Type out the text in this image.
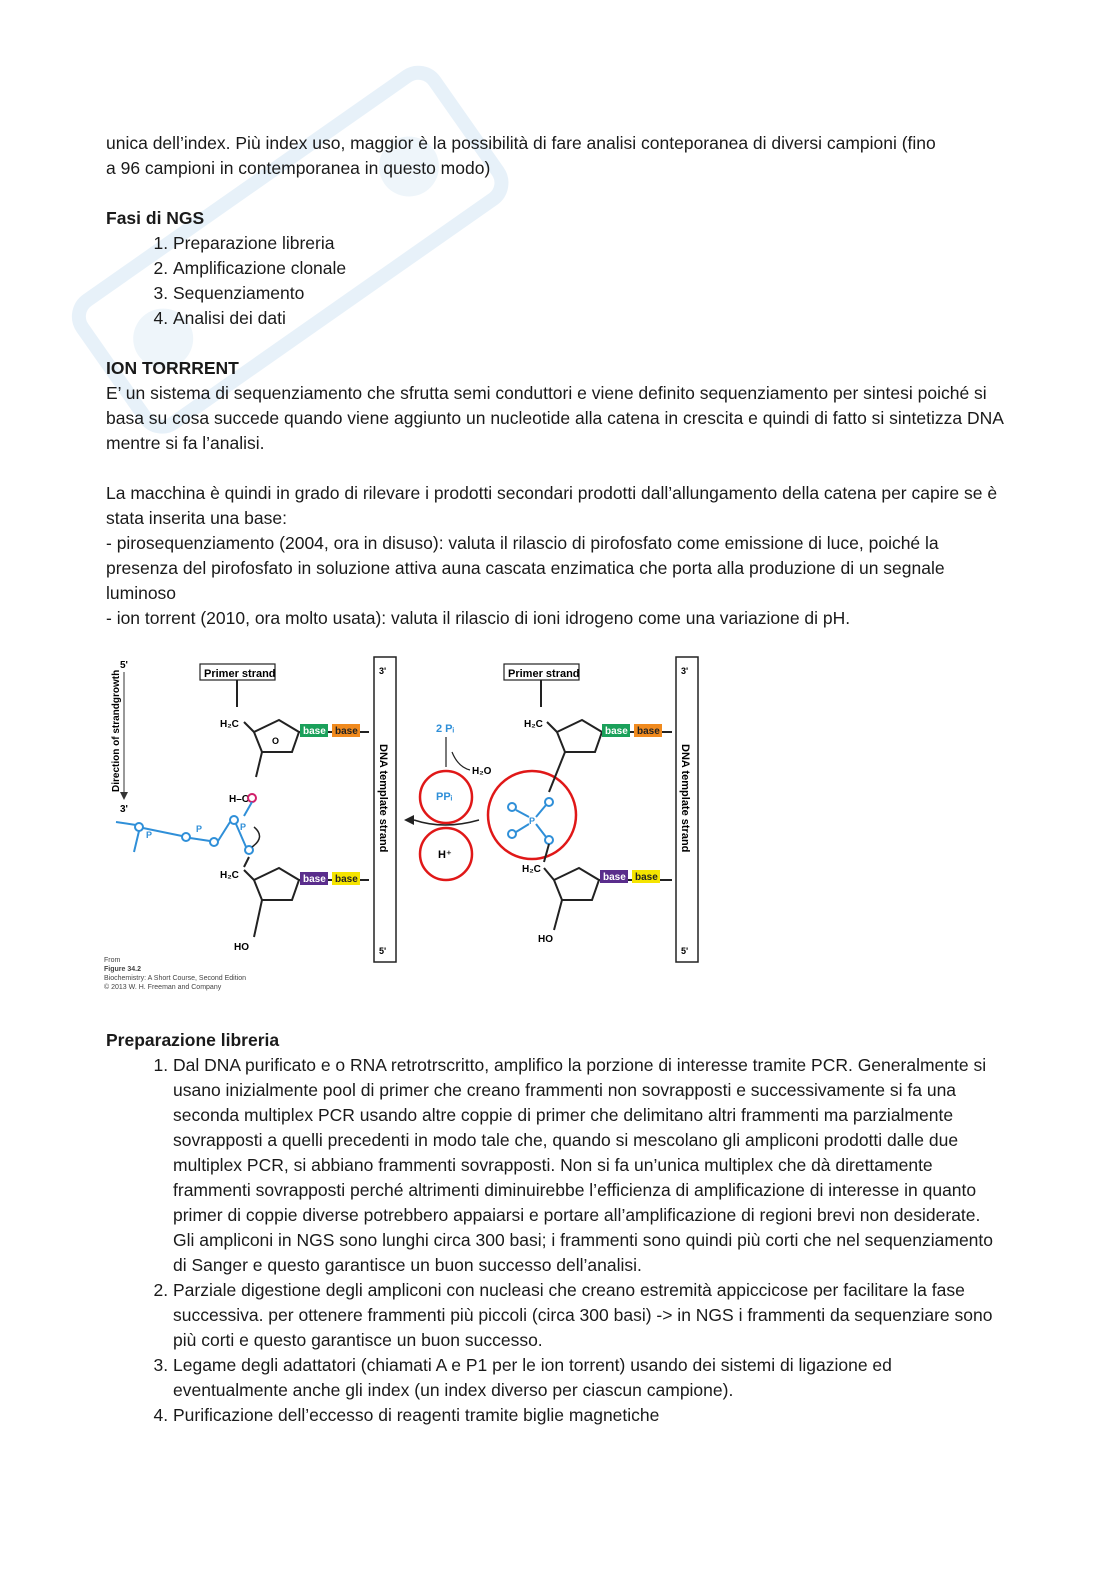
unica dell’index. Più index uso, maggior è la possibilità di fare analisi conteporanea di diversi campioni (fino

a 96 campioni in contemporanea in questo modo)

Fasi di NGS

1. Preparazione libreria
2. Amplificazione clonale
3. Sequenziamento
4. Analisi dei dati

ION TORRRENT

E’ un sistema di sequenziamento che sfrutta semi conduttori e viene definito sequenziamento per sintesi poiché si basa su cosa succede quando viene aggiunto un nucleotide alla catena in crescita e quindi di fatto si sintetizza DNA mentre si fa l’analisi.

La macchina è quindi in grado di rilevare i prodotti secondari prodotti dall’allungamento della catena per capire se è stata inserita una base:

- pirosequenziamento (2004, ora in disuso): valuta il rilascio di pirofosfato come emissione di luce, poiché la presenza del pirofosfato in soluzione attiva auna cascata enzimatica che porta alla produzione di un segnale luminoso

- ion torrent (2010, ora molto usata): valuta il rilascio di ioni idrogeno come una variazione di pH.

5'
3'
Direction of strandgrowth	Primer strand	3'
5'
DNA template strand
H₂C
O
base base
H–O
P
P	P
H₂C
HO
base base
2 Pᵢ
H₂O
PPᵢ
H⁺
P
Primer strand	3'
5'
DNA template strand
H₂C
base base
H₂C
HO
base base
From
Figure 34.2
Biochemistry: A Short Course, Second Edition
© 2013 W. H. Freeman and Company

Preparazione libreria

1. Dal DNA purificato e o RNA retrotrscritto, amplifico la porzione di interesse tramite PCR. Generalmente si usano inizialmente pool di primer che creano frammenti non sovrapposti e successivamente si fa una seconda multiplex PCR usando altre coppie di primer che delimitano altri frammenti ma parzialmente sovrapposti a quelli precedenti in modo tale che, quando si mescolano gli ampliconi prodotti dalle due multiplex PCR, si abbiano frammenti sovrapposti. Non si fa un’unica multiplex che dà direttamente frammenti sovrapposti perché altrimenti diminuirebbe l’efficienza di amplificazione di interesse in quanto primer di coppie diverse potrebbero appaiarsi e portare all’amplificazione di regioni brevi non desiderate.
Gli ampliconi in NGS sono lunghi circa 300 basi; i frammenti sono quindi più corti che nel sequenziamento di Sanger e questo garantisce un buon successo dell’analisi.
2. Parziale digestione degli ampliconi con nucleasi che creano estremità appiccicose per facilitare la fase successiva. per ottenere frammenti più piccoli (circa 300 basi) -> in NGS i frammenti da sequenziare sono più corti e questo garantisce un buon successo.
3. Legame degli adattatori (chiamati A e P1 per le ion torrent) usando dei sistemi di ligazione ed eventualmente anche gli index (un index diverso per ciascun campione).
4. Purificazione dell’eccesso di reagenti tramite biglie magnetiche
